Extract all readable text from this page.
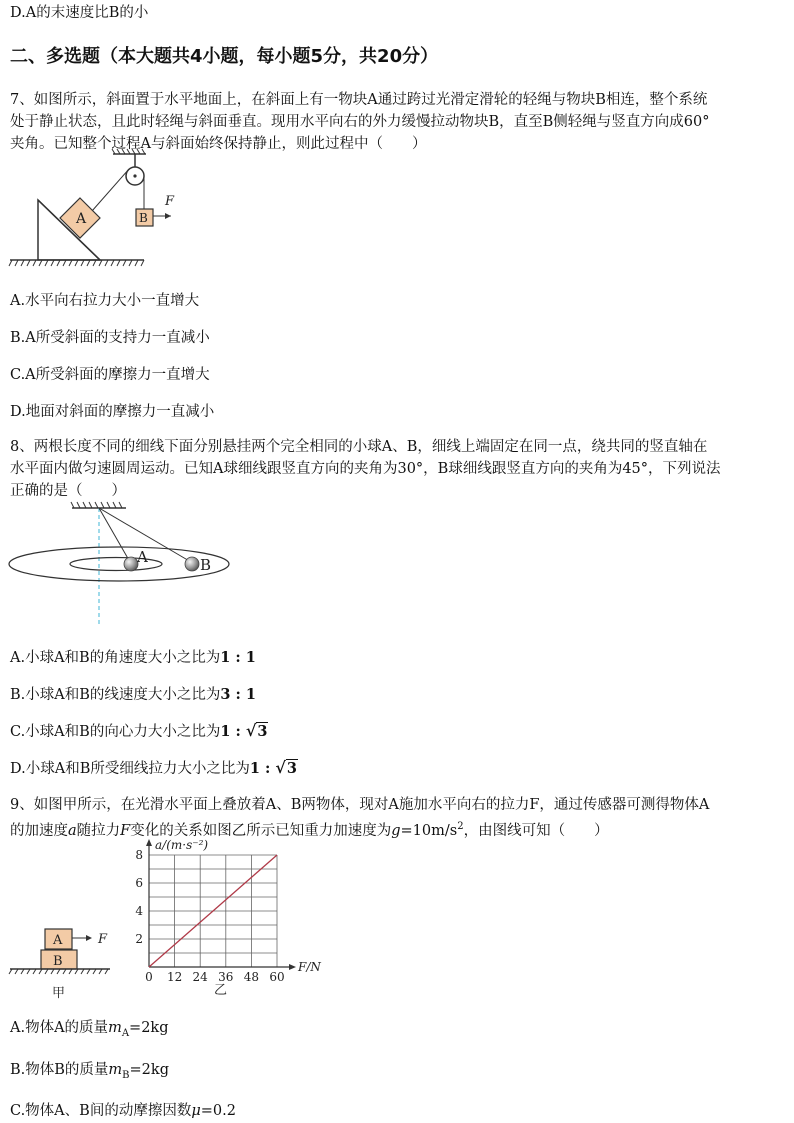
D.A的末速度比B的小
二、多选题（本大题共4小题，每小题5分，共20分）
7、如图所示，斜面置于水平地面上，在斜面上有一物块A通过跨过光滑定滑轮的轻绳与物块B相连，整个系统
处于静止状态，且此时轻绳与斜面垂直。现用水平向右的外力缓慢拉动物块B，直至B侧轻绳与竖直方向成60°
夹角。已知整个过程A与斜面始终保持静止，则此过程中（　　）
A	B
F
A.水平向右拉力大小一直增大
B.A所受斜面的支持力一直减小
C.A所受斜面的摩擦力一直增大
D.地面对斜面的摩擦力一直减小
8、两根长度不同的细线下面分别悬挂两个完全相同的小球A、B，细线上端固定在同一点，绕共同的竖直轴在
水平面内做匀速圆周运动。已知A球细线跟竖直方向的夹角为30°，B球细线跟竖直方向的夹角为45°，下列说法
正确的是（　　）
A	B
A.小球A和B的角速度大小之比为1 : 1
B.小球A和B的线速度大小之比为3 : 1
C.小球A和B的向心力大小之比为1 : √3
D.小球A和B所受细线拉力大小之比为1 : √3
9、如图甲所示，在光滑水平面上叠放着A、B两物体，现对A施加水平向右的拉力F，通过传感器可测得物体A
的加速度a随拉力F变化的关系如图乙所示已知重力加速度为$g=10m/s^2$，由图线可知（　　）
A
B
F
甲
0 12 24 36 48 60
2
4
6
8
a/(m·s⁻²)
F/N
乙
A.物体A的质量$m_A=2kg$
B.物体B的质量$m_B=2kg$
C.物体A、B间的动摩擦因数μ=0.2
